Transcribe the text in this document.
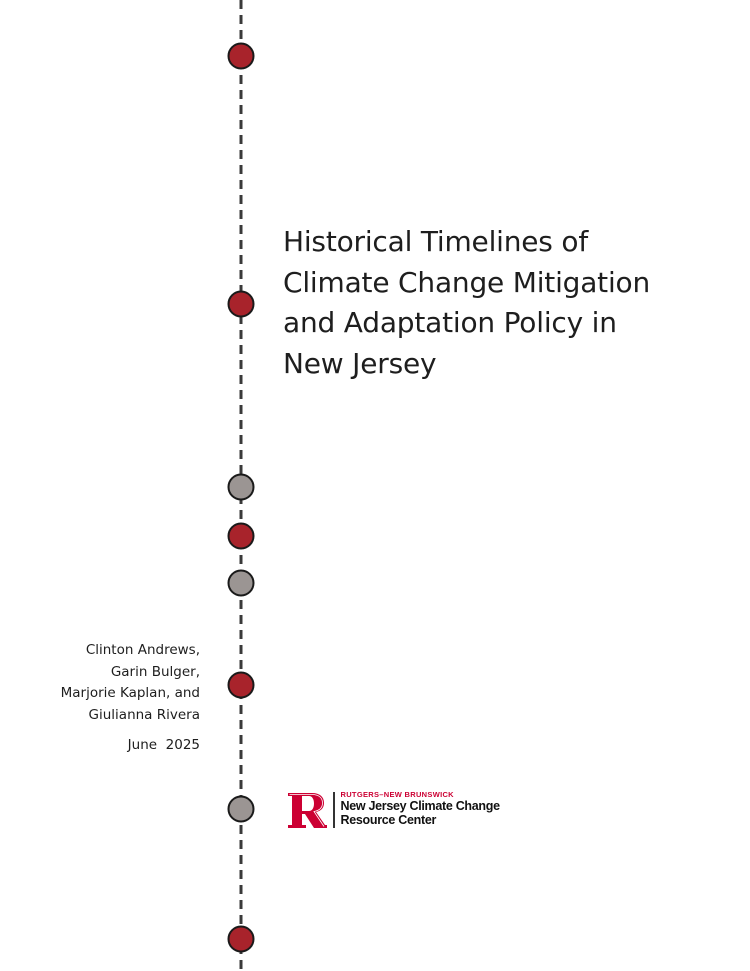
Historical Timelines of
Climate Change Mitigation
and Adaptation Policy in
New Jersey
Clinton Andrews,
Garin Bulger,
Marjorie Kaplan, and
Giulianna Rivera
June  2025
RUTGERS–NEW BRUNSWICK
New Jersey Climate Change
Resource Center
